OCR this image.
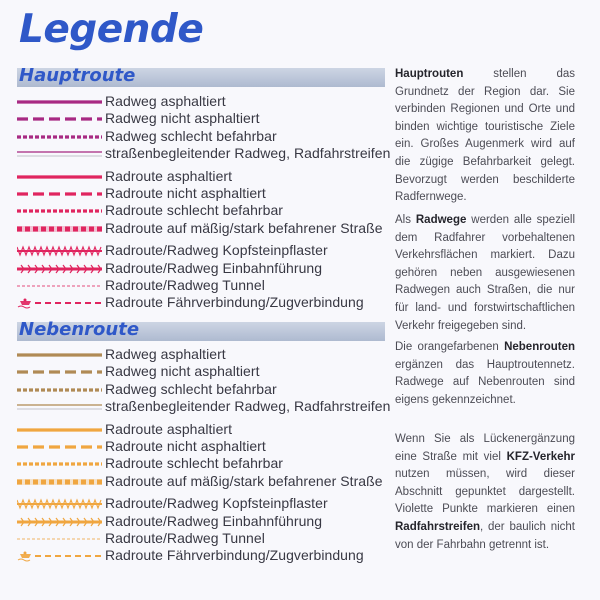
Legende
Hauptroute
Radweg asphaltiert
Radweg nicht asphaltiert
Radweg schlecht befahrbar
straßenbegleitender Radweg, Radfahrstreifen
Radroute asphaltiert
Radroute nicht asphaltiert
Radroute schlecht befahrbar
Radroute auf mäßig/stark befahrener Straße
Radroute/Radweg Kopfsteinpflaster
Radroute/Radweg Einbahnführung
Radroute/Radweg Tunnel
Radroute Fährverbindung/Zugverbindung
Nebenroute
Radweg asphaltiert
Radweg nicht asphaltiert
Radweg schlecht befahrbar
straßenbegleitender Radweg, Radfahrstreifen
Radroute asphaltiert
Radroute nicht asphaltiert
Radroute schlecht befahrbar
Radroute auf mäßig/stark befahrener Straße
Radroute/Radweg Kopfsteinpflaster
Radroute/Radweg Einbahnführung
Radroute/Radweg Tunnel
Radroute Fährverbindung/Zugverbindung
Hauptrouten stellen das Grundnetz der Region dar. Sie verbinden Regionen und Orte und binden wichtige touristische Ziele ein. Großes Augenmerk wird auf die zügige Befahrbarkeit gelegt. Bevorzugt werden beschilderte Radfernwege.
Als Radwege werden alle speziell dem Radfahrer vorbehaltenen Verkehrsflächen markiert. Dazu gehören neben ausgewiesenen Radwegen auch Straßen, die nur für land- und forstwirtschaftlichen Verkehr freigegeben sind.
Die orangefarbenen Nebenrouten ergänzen das Hauptroutennetz. Radwege auf Nebenrouten sind eigens gekennzeichnet.
Wenn Sie als Lückenergänzung eine Straße mit viel KFZ-Verkehr nutzen müssen, wird dieser Abschnitt gepunktet dargestellt. Violette Punkte markieren einen Radfahrstreifen, der baulich nicht von der Fahrbahn getrennt ist.
